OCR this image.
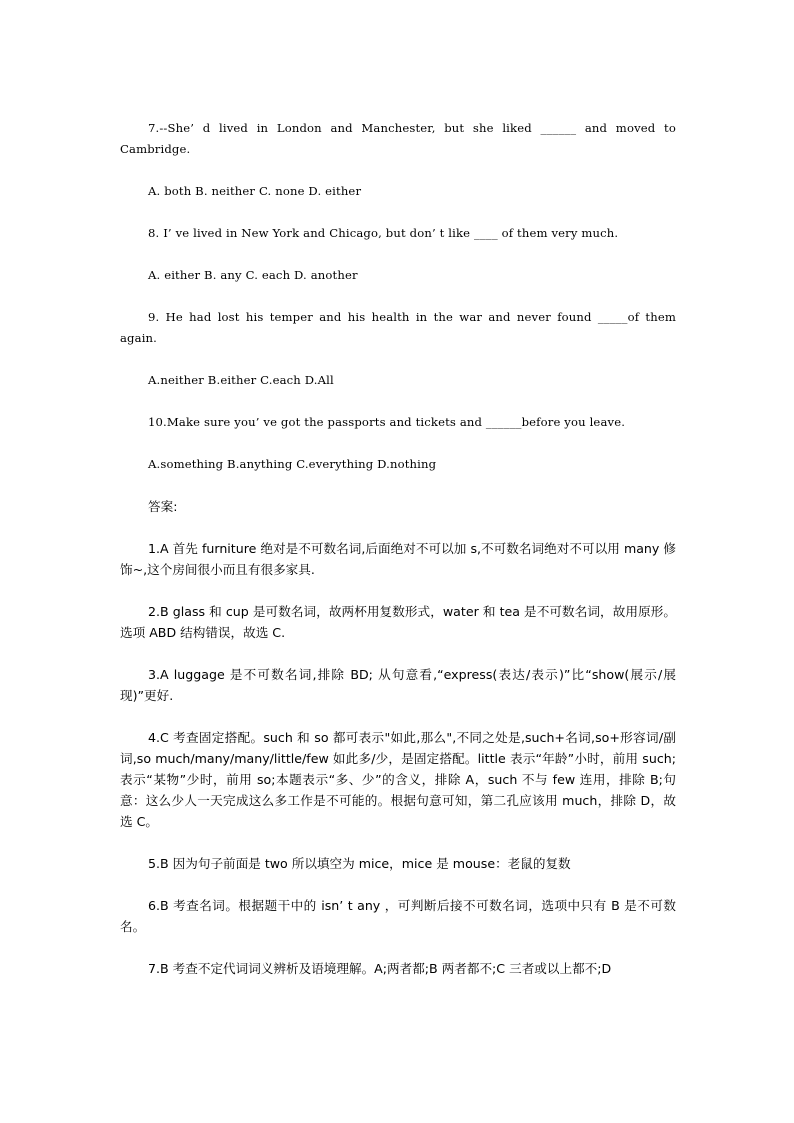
7.--She’ d lived in London and Manchester, but she liked ______ and moved to Cambridge.

A. both B. neither C. none D. either

8. I’ ve lived in New York and Chicago, but don’ t like ____ of them very much.

A. either B. any C. each D. another

9. He had lost his temper and his health in the war and never found _____of them again.

A.neither B.either C.each D.All

10.Make sure you’ ve got the passports and tickets and ______before you leave.

A.something B.anything C.everything D.nothing

答案:

1.A 首先 furniture 绝对是不可数名词,后面绝对不可以加 s,不可数名词绝对不可以用 many 修饰~,这个房间很小而且有很多家具.

2.B glass 和 cup 是可数名词，故两杯用复数形式，water 和 tea 是不可数名词，故用原形。选项 ABD 结构错误，故选 C.

3.A luggage 是不可数名词,排除 BD; 从句意看,“express(表达/表示)”比“show(展示/展现)”更好.

4.C 考查固定搭配。such 和 so 都可表示"如此,那么",不同之处是,such+名词,so+形容词/副词,so much/many/many/little/few 如此多/少，是固定搭配。little 表示“年龄”小时，前用 such;表示“某物”少时，前用 so;本题表示“多、少”的含义，排除 A，such 不与 few 连用，排除 B;句意：这么少人一天完成这么多工作是不可能的。根据句意可知，第二孔应该用 much，排除 D，故选 C。

5.B 因为句子前面是 two 所以填空为 mice，mice 是 mouse：老鼠的复数

6.B 考查名词。根据题干中的 isn’ t any ，可判断后接不可数名词，选项中只有 B 是不可数名。

7.B 考查不定代词词义辨析及语境理解。A;两者都;B 两者都不;C 三者或以上都不;D
